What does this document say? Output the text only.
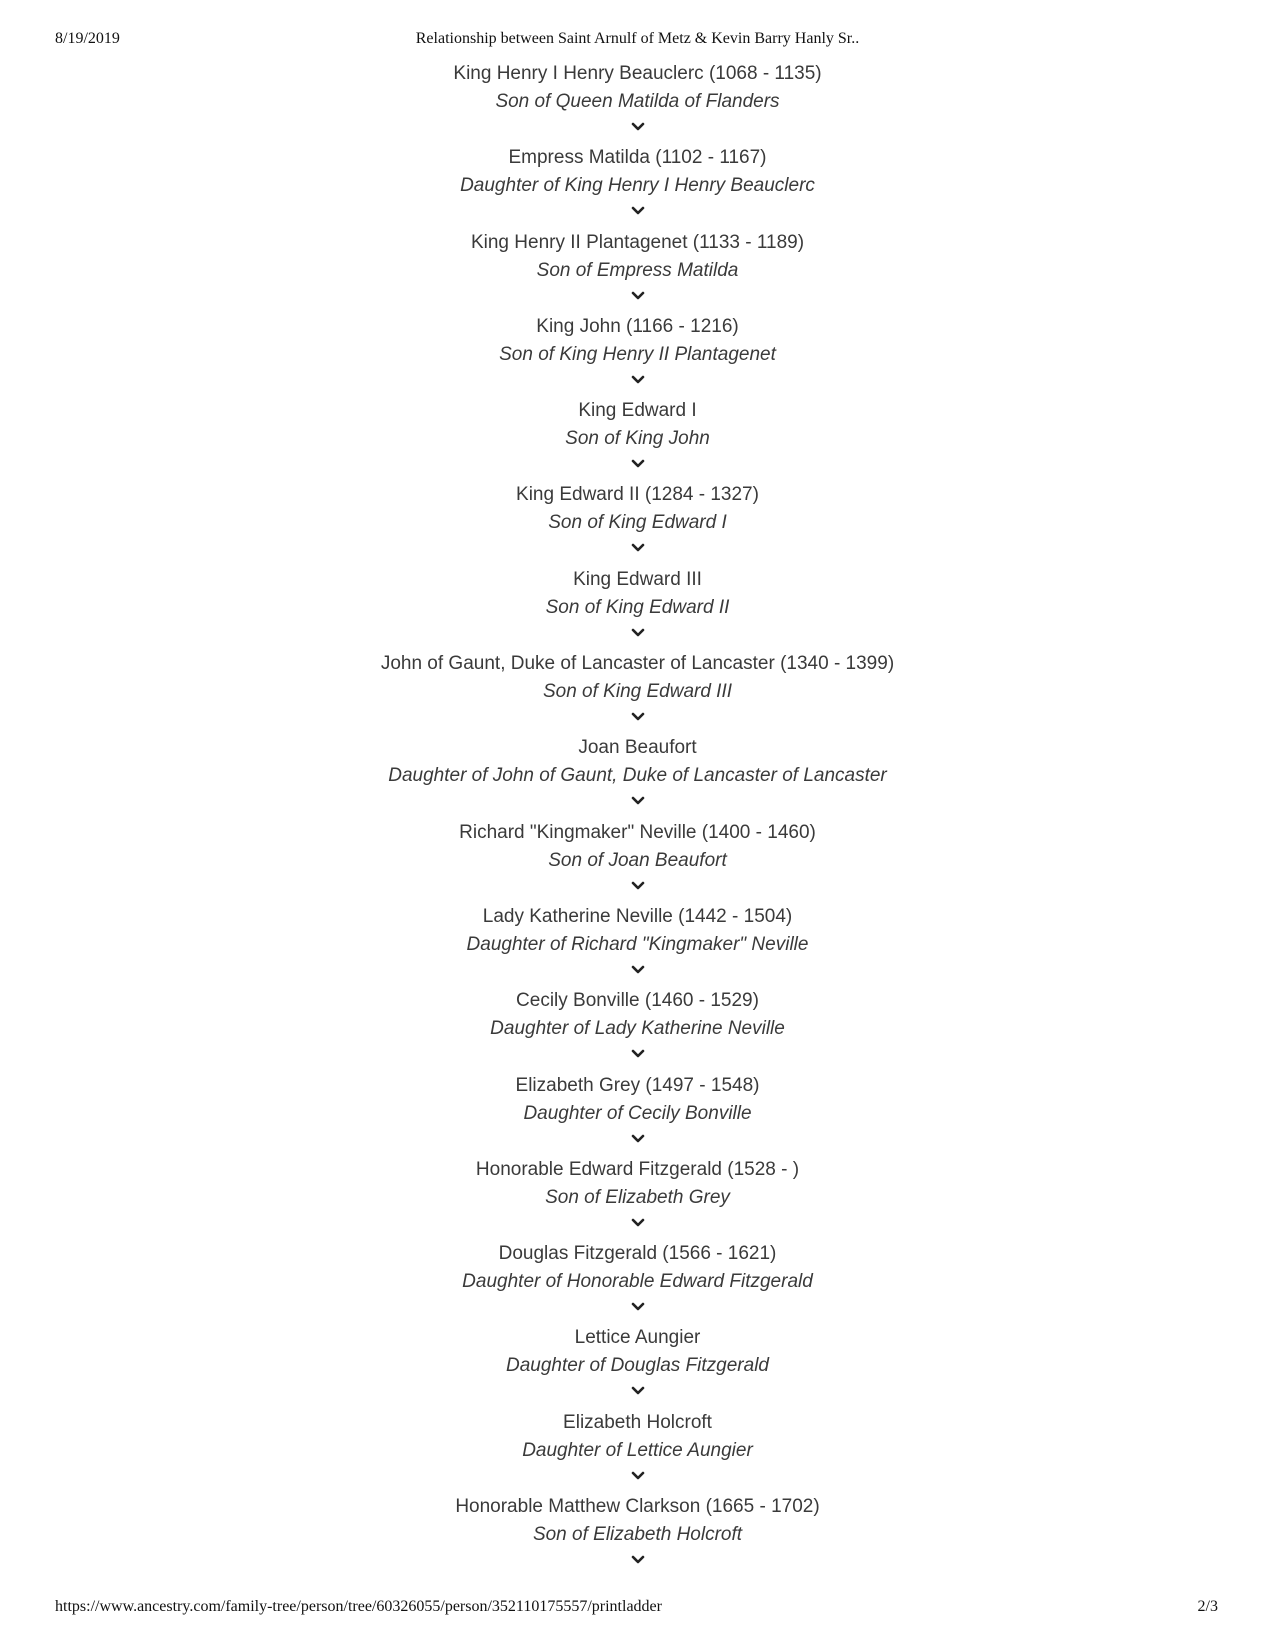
8/19/2019	Relationship between Saint Arnulf of Metz & Kevin Barry Hanly Sr..
King Henry I Henry Beauclerc (1068 - 1135)
Son of Queen Matilda of Flanders
Empress Matilda (1102 - 1167)
Daughter of King Henry I Henry Beauclerc
King Henry II Plantagenet (1133 - 1189)
Son of Empress Matilda
King John (1166 - 1216)
Son of King Henry II Plantagenet
King Edward I
Son of King John
King Edward II (1284 - 1327)
Son of King Edward I
King Edward III
Son of King Edward II
John of Gaunt, Duke of Lancaster of Lancaster (1340 - 1399)
Son of King Edward III
Joan Beaufort
Daughter of John of Gaunt, Duke of Lancaster of Lancaster
Richard "Kingmaker" Neville (1400 - 1460)
Son of Joan Beaufort
Lady Katherine Neville (1442 - 1504)
Daughter of Richard "Kingmaker" Neville
Cecily Bonville (1460 - 1529)
Daughter of Lady Katherine Neville
Elizabeth Grey (1497 - 1548)
Daughter of Cecily Bonville
Honorable Edward Fitzgerald (1528 - )
Son of Elizabeth Grey
Douglas Fitzgerald (1566 - 1621)
Daughter of Honorable Edward Fitzgerald
Lettice Aungier
Daughter of Douglas Fitzgerald
Elizabeth Holcroft
Daughter of Lettice Aungier
Honorable Matthew Clarkson (1665 - 1702)
Son of Elizabeth Holcroft
https://www.ancestry.com/family-tree/person/tree/60326055/person/352110175557/printladder	2/3
